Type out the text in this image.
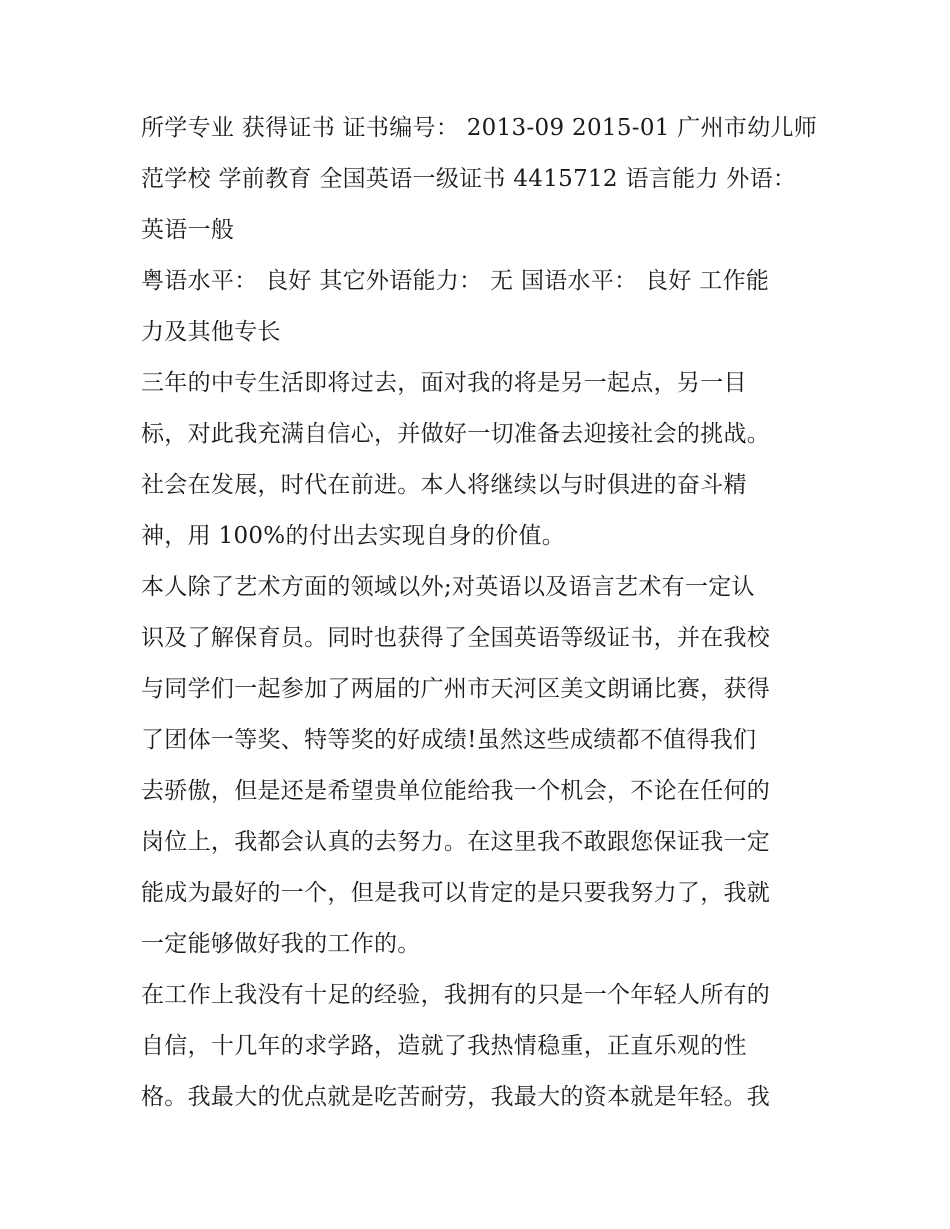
所学专业 获得证书 证书编号： 2013-09 2015-01 广州市幼儿师
范学校 学前教育 全国英语一级证书 4415712 语言能力 外语：
英语一般
粤语水平： 良好 其它外语能力： 无 国语水平： 良好 工作能
力及其他专长
三年的中专生活即将过去，面对我的将是另一起点，另一目
标，对此我充满自信心，并做好一切准备去迎接社会的挑战。
社会在发展，时代在前进。本人将继续以与时俱进的奋斗精
神，用 100%的付出去实现自身的价值。
本人除了艺术方面的领域以外;对英语以及语言艺术有一定认
识及了解保育员。同时也获得了全国英语等级证书，并在我校
与同学们一起参加了两届的广州市天河区美文朗诵比赛，获得
了团体一等奖、特等奖的好成绩!虽然这些成绩都不值得我们
去骄傲，但是还是希望贵单位能给我一个机会，不论在任何的
岗位上，我都会认真的去努力。在这里我不敢跟您保证我一定
能成为最好的一个，但是我可以肯定的是只要我努力了，我就
一定能够做好我的工作的。
在工作上我没有十足的经验，我拥有的只是一个年轻人所有的
自信，十几年的求学路，造就了我热情稳重，正直乐观的性
格。我最大的优点就是吃苦耐劳，我最大的资本就是年轻。我
